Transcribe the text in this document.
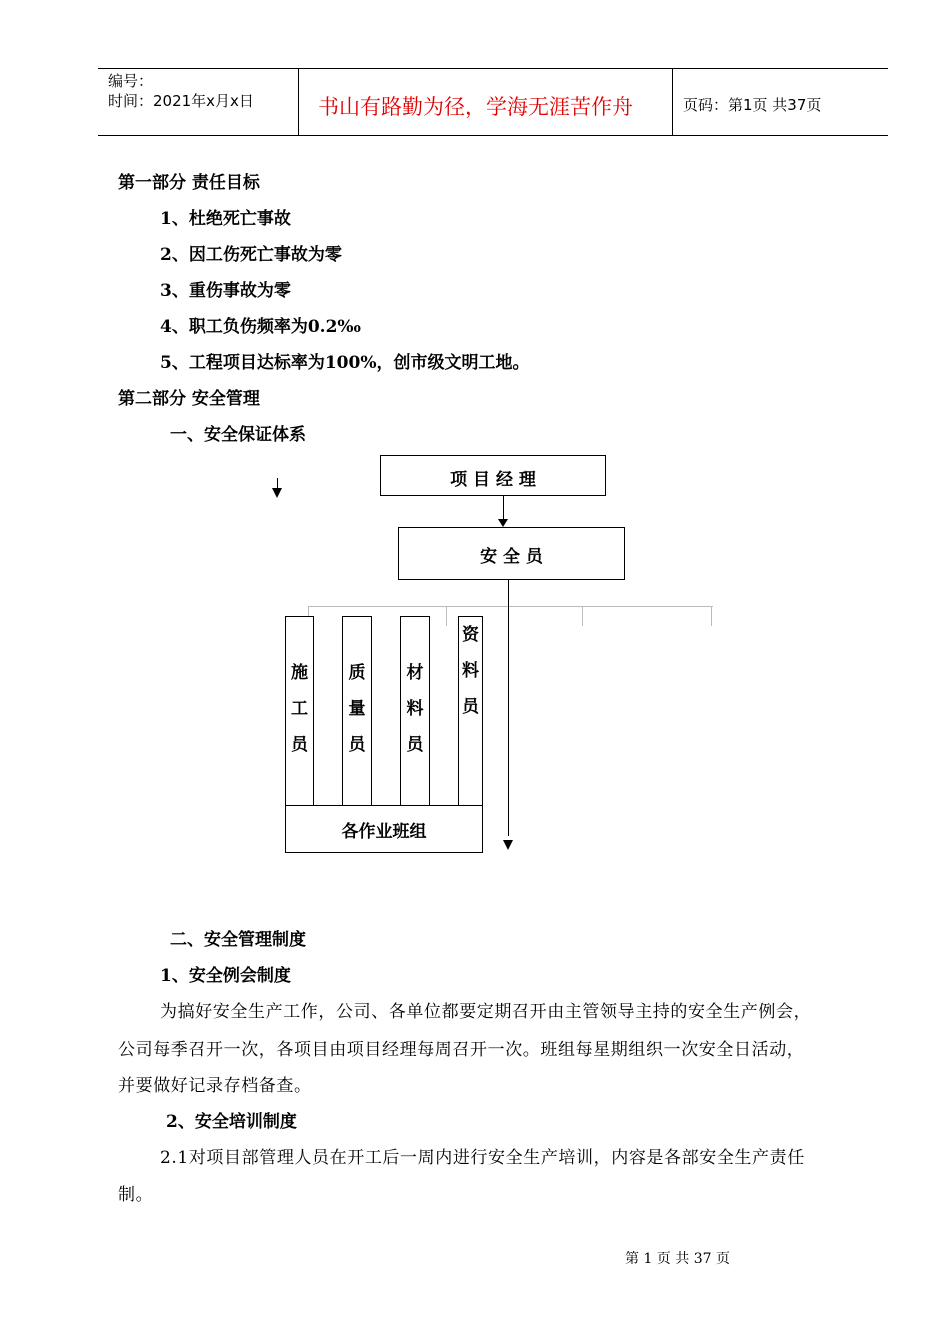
编号：
时间：2021年x月x日	书山有路勤为径，学海无涯苦作舟	页码：第1页 共37页
第一部分 责任目标
1、杜绝死亡事故
2、因工伤死亡事故为零
3、重伤事故为零
4、职工负伤频率为0.2‰
5、工程项目达标率为100%，创市级文明工地。
第二部分 安全管理
一、安全保证体系
项 目 经 理
安 全 员
施
工
员
质
量
员
材
料
员
资
料
员
各作业班组
二、安全管理制度
1、安全例会制度
为搞好安全生产工作，公司、各单位都要定期召开由主管领导主持的安全生产例会，
公司每季召开一次，各项目由项目经理每周召开一次。班组每星期组织一次安全日活动，
并要做好记录存档备查。
2、安全培训制度
2.1对项目部管理人员在开工后一周内进行安全生产培训，内容是各部安全生产责任
制。
第 1 页 共 37 页
